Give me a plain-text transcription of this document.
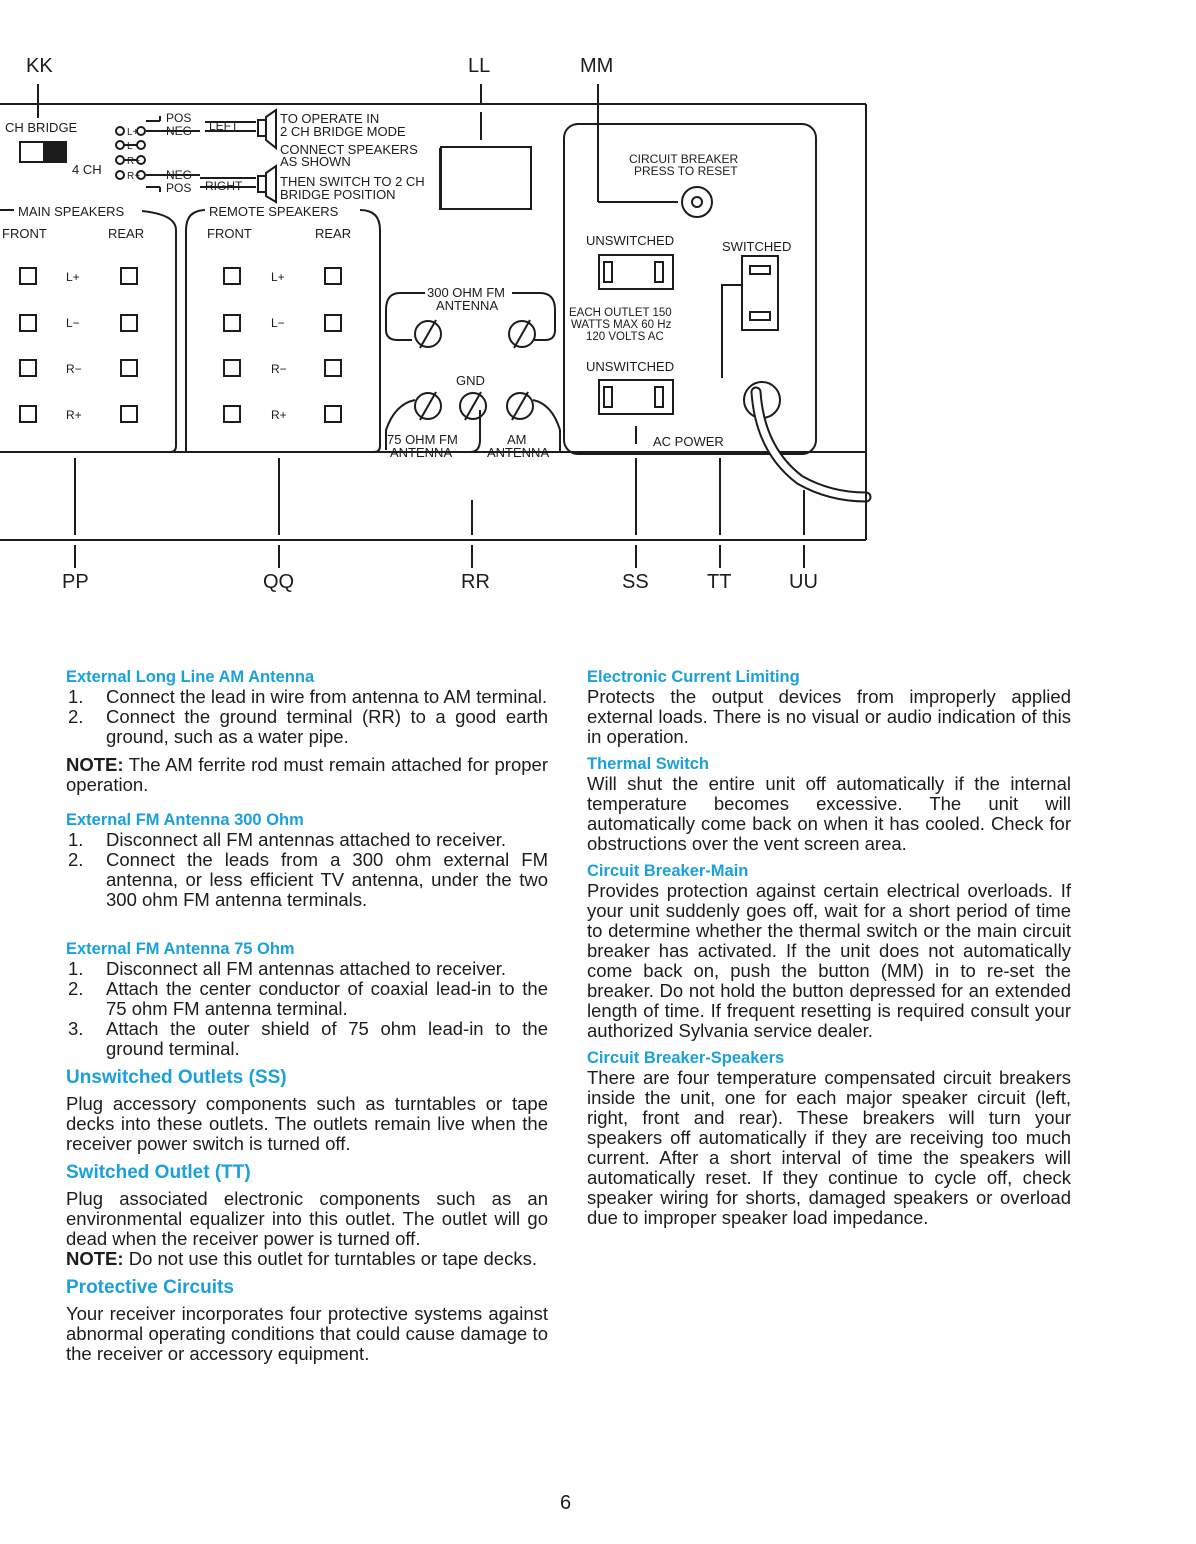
KK	LL	MM
PP	QQ	RR	SS	TT	UU
CH BRIDGE
4 CH
POS
NEG LEFT
NEG
POS RIGHT
L+
L−
R−
R+
TO OPERATE IN
2 CH BRIDGE MODE
CONNECT SPEAKERS
AS SHOWN
THEN SWITCH TO 2 CH
BRIDGE POSITION
MAIN SPEAKERS	REMOTE SPEAKERS
FRONT	REAR	FRONT	REAR
L+
L−
R−
R+
L+
L−
R−
R+
300 OHM FM
ANTENNA
GND
75 OHM FM
ANTENNA
AM
ANTENNA
CIRCUIT BREAKER
PRESS TO RESET
UNSWITCHED	SWITCHED
EACH OUTLET 150
WATTS MAX 60 Hz
120 VOLTS AC
UNSWITCHED
AC POWER
External Long Line AM Antenna
1. Connect the lead in wire from antenna to AM terminal.
2. Connect the ground terminal (RR) to a good earth ground, such as a water pipe.

NOTE: The AM ferrite rod must remain attached for proper operation.

External FM Antenna 300 Ohm
1. Disconnect all FM antennas attached to receiver.
2. Connect the leads from a 300 ohm external FM antenna, or less efficient TV antenna, under the two 300 ohm FM antenna terminals.
External FM Antenna 75 Ohm
1. Disconnect all FM antennas attached to receiver.
2. Attach the center conductor of coaxial lead-in to the 75 ohm FM antenna terminal.
3. Attach the outer shield of 75 ohm lead-in to the ground terminal.
Unswitched Outlets (SS)

Plug accessory components such as turntables or tape decks into these outlets. The outlets remain live when the receiver power switch is turned off.

Switched Outlet (TT)

Plug associated electronic components such as an environmental equalizer into this outlet. The outlet will go dead when the receiver power is turned off.

NOTE: Do not use this outlet for turntables or tape decks.

Protective Circuits

Your receiver incorporates four protective systems against abnormal operating conditions that could cause damage to the receiver or accessory equipment.

Electronic Current Limiting

Protects the output devices from improperly applied external loads. There is no visual or audio indication of this in operation.

Thermal Switch

Will shut the entire unit off automatically if the internal temperature becomes excessive. The unit will automatically come back on when it has cooled. Check for obstructions over the vent screen area.

Circuit Breaker-Main

Provides protection against certain electrical overloads. If your unit suddenly goes off, wait for a short period of time to determine whether the thermal switch or the main circuit breaker has activated. If the unit does not automatically come back on, push the button (MM) in to re-set the breaker. Do not hold the button depressed for an extended length of time. If frequent resetting is required consult your authorized Sylvania service dealer.

Circuit Breaker-Speakers

There are four temperature compensated circuit breakers inside the unit, one for each major speaker circuit (left, right, front and rear). These breakers will turn your speakers off automatically if they are receiving too much current. After a short interval of time the speakers will automatically reset. If they continue to cycle off, check speaker wiring for shorts, damaged speakers or overload due to improper speaker load impedance.

6
